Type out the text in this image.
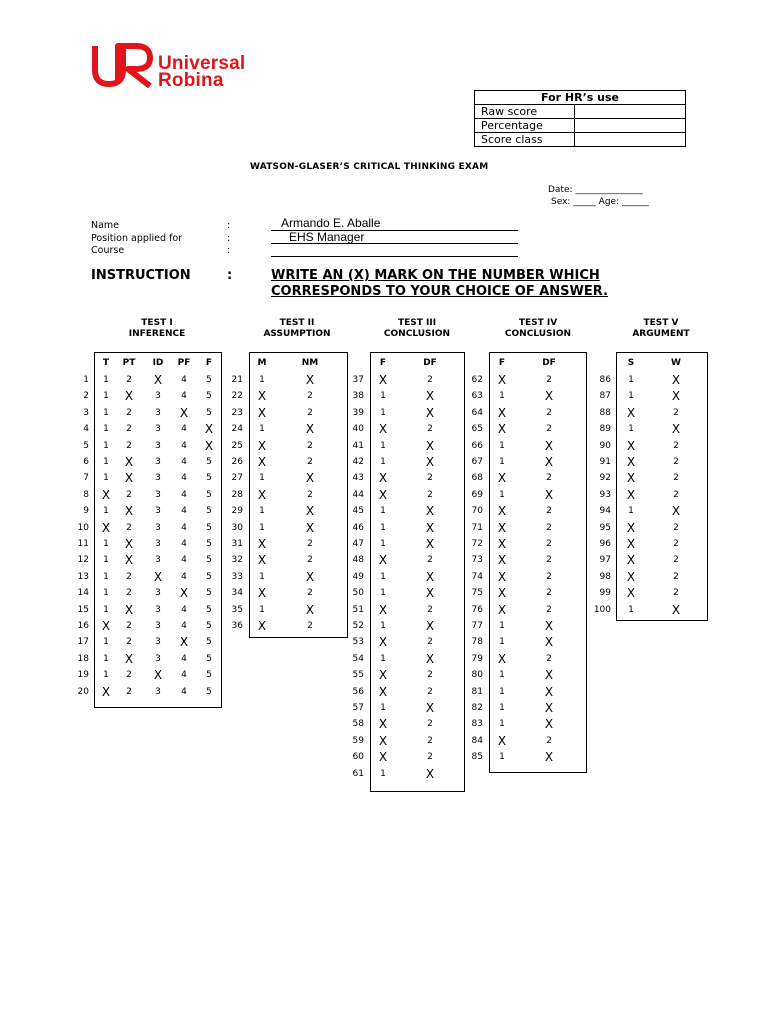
Universal
Robina
For HR’s use	
Raw score	
Percentage	
Score class	
WATSON-GLASER’S CRITICAL THINKING EXAM
Date: _______________
Sex: _____ Age: ______
Name	:	Armando E. Aballe
Position applied for	:	EHS Manager
Course	:
INSTRUCTION	:	WRITE AN (X) MARK ON THE NUMBER WHICH
CORRESPONDS TO YOUR CHOICE OF ANSWER.
TEST I
INFERENCE
T	PT	ID	PF	F
1	1	2	X	4	5
2	1	X	3	4	5
3	1	2	3	X	5
4	1	2	3	4	X
5	1	2	3	4	X
6	1	X	3	4	5
7	1	X	3	4	5
8 X	2	3	4	5
9	1	X	3	4	5
10 X	2	3	4	5
11	1	X	3	4	5
12	1	X	3	4	5
13	1	2	X	4	5
14	1	2	3	X	5
15	1	X	3	4	5
16 X	2	3	4	5
17	1	2	3	X	5
18	1	X	3	4	5
19	1	2	X	4	5
20 X	2	3	4	5
TEST II
ASSUMPTION
M	NM
21	1	X
22 X	2
23 X	2
24	1	X
25 X	2
26 X	2
27	1	X
28 X	2
29	1	X
30	1	X
31 X	2
32 X	2
33	1	X
34 X	2
35	1	X
36 X	2
TEST III
CONCLUSION
F	DF
37 X	2
38	1	X
39	1	X
40 X	2
41	1	X
42	1	X
43 X	2
44 X	2
45	1	X
46	1	X
47	1	X
48 X	2
49	1	X
50	1	X
51 X	2
52	1	X
53 X	2
54	1	X
55 X	2
56 X	2
57	1	X
58 X	2
59 X	2
60 X	2
61	1	X
TEST IV
CONCLUSION
F	DF
62 X	2
63	1	X
64 X	2
65 X	2
66	1	X
67	1	X
68 X	2
69	1	X
70 X	2
71 X	2
72 X	2
73 X	2
74 X	2
75 X	2
76 X	2
77	1	X
78	1	X
79 X	2
80	1	X
81	1	X
82	1	X
83	1	X
84 X	2
85	1	X
TEST V
ARGUMENT
S	W
86	1	X
87	1	X
88 X	2
89	1	X
90 X	2
91 X	2
92 X	2
93 X	2
94	1	X
95 X	2
96 X	2
97 X	2
98 X	2
99 X	2
100	1	X
